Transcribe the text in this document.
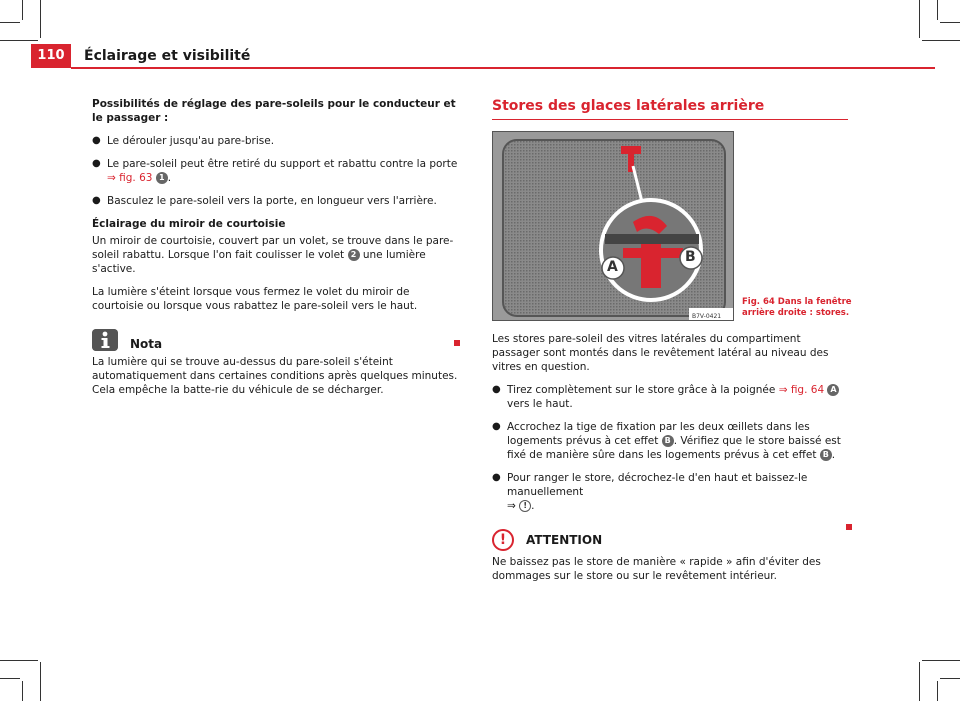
110	Éclairage et visibilité

Possibilités de réglage des pare-soleils pour le conducteur et le passager :

● Le dérouler jusqu'au pare-brise.
● Le pare-soleil peut être retiré du support et rabattu contre la porte
⇒ fig. 63 1 .
● Basculez le pare-soleil vers la porte, en longueur vers l'arrière.

Éclairage du miroir de courtoisie

Un miroir de courtoisie, couvert par un volet, se trouve dans le pare-soleil rabattu. Lorsque l'on fait coulisser le volet 2 une lumière s'active.

La lumière s'éteint lorsque vous fermez le volet du miroir de courtoisie ou lorsque vous rabattez le pare-soleil vers le haut.

Nota

La lumière qui se trouve au-dessus du pare-soleil s'éteint automatiquement dans certaines conditions après quelques minutes. Cela empêche la batte-rie du véhicule de se décharger.

Stores des glaces latérales arrière
A
B
B7V-0421
Fig. 64 Dans la fenêtre arrière droite : stores.

Les stores pare-soleil des vitres latérales du compartiment passager sont montés dans le revêtement latéral au niveau des vitres en question.

● Tirez complètement sur le store grâce à la poignée ⇒ fig. 64 A vers le haut.
● Accrochez la tige de fixation par les deux œillets dans les logements prévus à cet effet B . Vérifiez que le store baissé est fixé de manière sûre dans les logements prévus à cet effet B .
● Pour ranger le store, décrochez-le d'en haut et baissez-le manuellement
⇒ ! .
!	ATTENTION

Ne baissez pas le store de manière « rapide » afin d'éviter des dommages sur le store ou sur le revêtement intérieur.
